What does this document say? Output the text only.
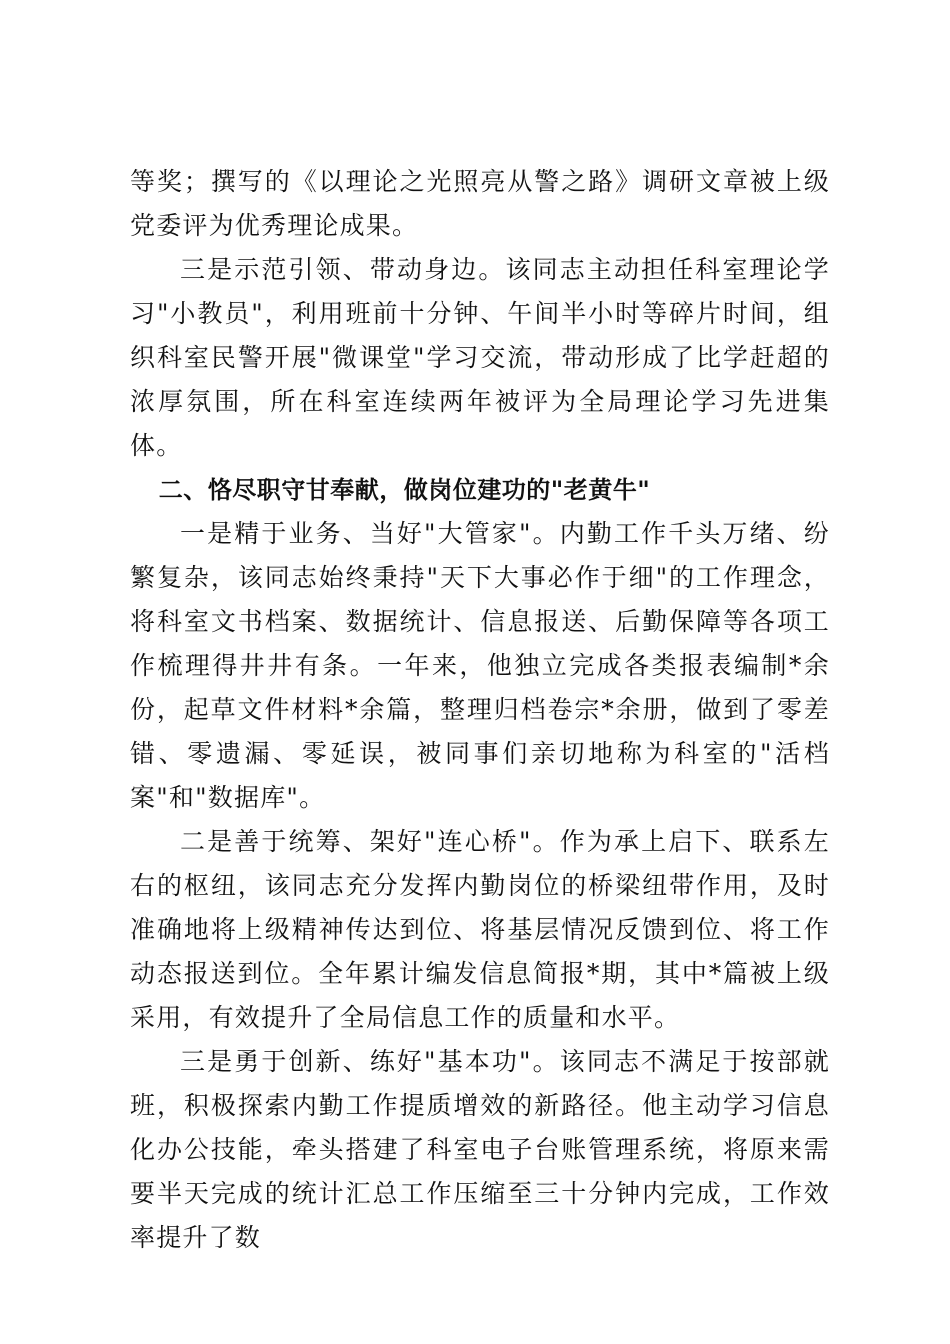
等奖；撰写的《以理论之光照亮从警之路》调研文章被上级党委评为优秀理论成果。

三是示范引领、带动身边。该同志主动担任科室理论学习"小教员"，利用班前十分钟、午间半小时等碎片时间，组织科室民警开展"微课堂"学习交流，带动形成了比学赶超的浓厚氛围，所在科室连续两年被评为全局理论学习先进集体。

二、恪尽职守甘奉献，做岗位建功的"老黄牛"

一是精于业务、当好"大管家"。内勤工作千头万绪、纷繁复杂，该同志始终秉持"天下大事必作于细"的工作理念，将科室文书档案、数据统计、信息报送、后勤保障等各项工作梳理得井井有条。一年来，他独立完成各类报表编制*余份，起草文件材料*余篇，整理归档卷宗*余册，做到了零差错、零遗漏、零延误，被同事们亲切地称为科室的"活档案"和"数据库"。

二是善于统筹、架好"连心桥"。作为承上启下、联系左右的枢纽，该同志充分发挥内勤岗位的桥梁纽带作用，及时准确地将上级精神传达到位、将基层情况反馈到位、将工作动态报送到位。全年累计编发信息简报*期，其中*篇被上级采用，有效提升了全局信息工作的质量和水平。

三是勇于创新、练好"基本功"。该同志不满足于按部就班，积极探索内勤工作提质增效的新路径。他主动学习信息化办公技能，牵头搭建了科室电子台账管理系统，将原来需要半天完成的统计汇总工作压缩至三十分钟内完成，工作效率提升了数
